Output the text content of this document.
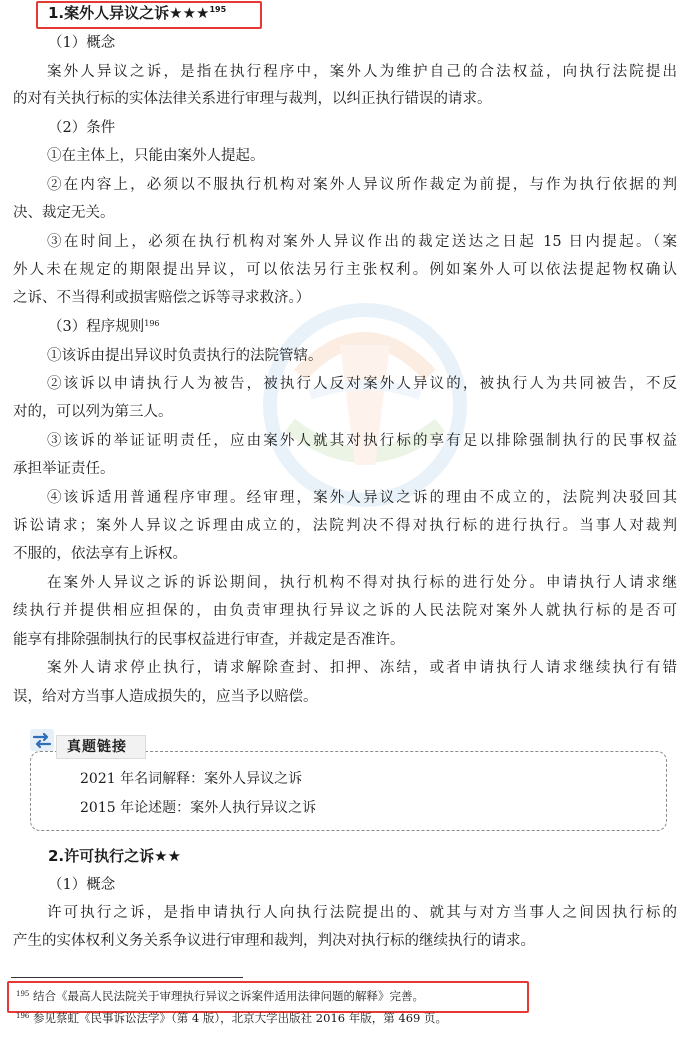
1.案外人异议之诉★★★$^{195}$
（1）概念
案外人异议之诉，是指在执行程序中，案外人为维护自己的合法权益，向执行法院提出
的对有关执行标的实体法律关系进行审理与裁判，以纠正执行错误的请求。
（2）条件
①在主体上，只能由案外人提起。
②在内容上，必须以不服执行机构对案外人异议所作裁定为前提，与作为执行依据的判
决、裁定无关。
③在时间上，必须在执行机构对案外人异议作出的裁定送达之日起 15 日内提起。（案
外人未在规定的期限提出异议，可以依法另行主张权利。例如案外人可以依法提起物权确认
之诉、不当得利或损害赔偿之诉等寻求救济。）
（3）程序规则$^{196}$
①该诉由提出异议时负责执行的法院管辖。
②该诉以申请执行人为被告，被执行人反对案外人异议的，被执行人为共同被告，不反
对的，可以列为第三人。
③该诉的举证证明责任，应由案外人就其对执行标的享有足以排除强制执行的民事权益
承担举证责任。
④该诉适用普通程序审理。经审理，案外人异议之诉的理由不成立的，法院判决驳回其
诉讼请求；案外人异议之诉理由成立的，法院判决不得对执行标的进行执行。当事人对裁判
不服的，依法享有上诉权。
在案外人异议之诉的诉讼期间，执行机构不得对执行标的进行处分。申请执行人请求继
续执行并提供相应担保的，由负责审理执行异议之诉的人民法院对案外人就执行标的是否可
能享有排除强制执行的民事权益进行审查，并裁定是否准许。
案外人请求停止执行，请求解除查封、扣押、冻结，或者申请执行人请求继续执行有错
误，给对方当事人造成损失的，应当予以赔偿。
真题链接
2021 年名词解释：案外人异议之诉
2015 年论述题：案外人执行异议之诉
2.许可执行之诉★★
（1）概念
许可执行之诉，是指申请执行人向执行法院提出的、就其与对方当事人之间因执行标的
产生的实体权利义务关系争议进行审理和裁判，判决对执行标的继续执行的请求。
$^{195}$ 结合《最高人民法院关于审理执行异议之诉案件适用法律问题的解释》完善。
$^{196}$ 参见蔡虹《民事诉讼法学》（第 4 版），北京大学出版社 2016 年版，第 469 页。
